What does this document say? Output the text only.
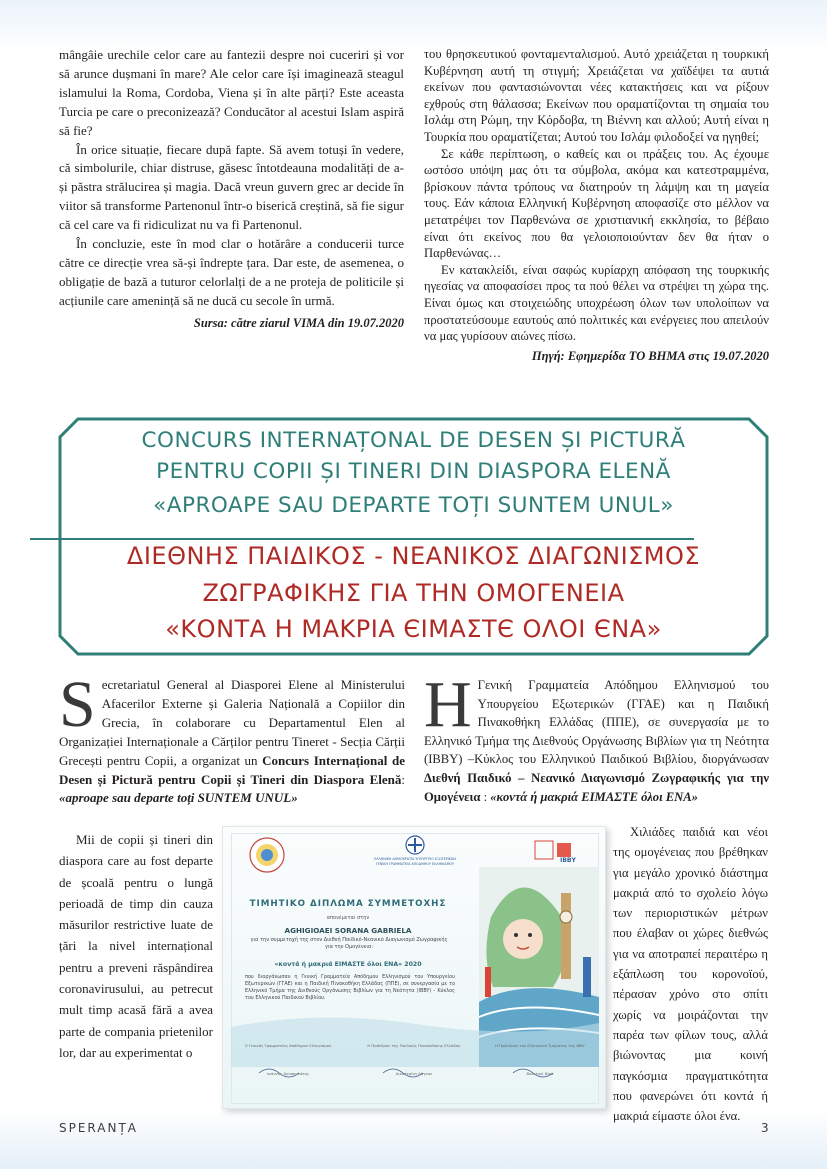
mângâie urechile celor care au fantezii despre noi cuceriri și vor să arunce dușmani în mare? Ale celor care își imaginează steagul islamului la Roma, Cordoba, Viena și în alte părți? Este aceasta Turcia pe care o preconizează? Conducător al acestui Islam aspiră să fie?

În orice situație, fiecare după fapte. Să avem totuși în vedere, că simbolurile, chiar distruse, găsesc întotdeauna modalități de a-și păstra strălucirea și magia. Dacă vreun guvern grec ar decide în viitor să transforme Partenonul într-o biserică creștină, să fie sigur că cel care va fi ridiculizat nu va fi Partenonul.

În concluzie, este în mod clar o hotărâre a conducerii turce către ce direcție vrea să-și îndrepte țara. Dar este, de asemenea, o obligație de bază a tuturor celorlalți de a ne proteja de politicile și acțiunile care amenință să ne ducă cu secole în urmă.

Sursa: către ziarul VIMA din 19.07.2020

του θρησκευτικού φονταμενταλισμού. Αυτό χρειάζεται η τουρκική Κυβέρνηση αυτή τη στιγμή; Χρειάζεται να χαϊδέψει τα αυτιά εκείνων που φαντασιώνονται νέες κατακτήσεις και να ρίξουν εχθρούς στη θάλασσα; Εκείνων που οραματίζονται τη σημαία του Ισλάμ στη Ρώμη, την Κόρδοβα, τη Βιέννη και αλλού; Αυτή είναι η Τουρκία που οραματίζεται; Αυτού του Ισλάμ φιλοδοξεί να ηγηθεί;

Σε κάθε περίπτωση, ο καθείς και οι πράξεις του. Ας έχουμε ωστόσο υπόψη μας ότι τα σύμβολα, ακόμα και κατεστραμμένα, βρίσκουν πάντα τρόπους να διατηρούν τη λάμψη και τη μαγεία τους. Εάν κάποια Ελληνική Κυβέρνηση αποφασίζε στο μέλλον να μετατρέψει τον Παρθενώνα σε χριστιανική εκκλησία, το βέβαιο είναι ότι εκείνος που θα γελοιοποιούνταν δεν θα ήταν ο Παρθενώνας…

Εν κατακλείδι, είναι σαφώς κυρίαρχη απόφαση της τουρκικής ηγεσίας να αποφασίσει προς τα πού θέλει να στρέψει τη χώρα της. Είναι όμως και στοιχειώδης υποχρέωση όλων των υπολοίπων να προστατεύσουμε εαυτούς από πολιτικές και ενέργειες που απειλούν να μας γυρίσουν αιώνες πίσω.

Πηγή: Εφημερίδα ΤΟ ΒΗΜΑ στις 19.07.2020
CONCURS INTERNAȚONAL DE DESEN ȘI PICTURĂ
PENTRU COPII ȘI TINERI DIN DIASPORA ELENĂ
«APROAPE SAU DEPARTE TOȚI SUNTEM UNUL»
ΔΙΕΘΝΗΣ ΠΑΙΔΙΚΟΣ - ΝΕΑΝΙΚΟΣ ΔΙΑΓΩΝΙΣΜΟΣ
ΖΩΓΡΑΦΙΚΗΣ ΓΙΑ ΤΗΝ ΟΜΟΓΕΝΕΙΑ
«ΚΟΝΤΑ Η ΜΑΚΡΙΑ ЄΙΜΑΣΤЄ ΟΛΟΙ ЄΝΑ»
Secretariatul General al Diasporei Elene al Ministerului Afacerilor Externe și Galeria Națională a Copiilor din Grecia, în colaborare cu Departamentul Elen al Organizației Internaționale a Cărților pentru Tineret - Secția Cărții Grecești pentru Copii, a organizat un Concurs Internațional de Desen și Pictură pentru Copii și Tineri din Diaspora Elenă: «aproape sau departe toți SUNTEM UNUL»

Mii de copii și tineri din diaspora care au fost departe de școală pentru o lungă perioadă de timp din cauza măsurilor restrictive luate de țări la nivel internațional pentru a preveni răspândirea coronavirusului, au petrecut mult timp acasă fără a avea parte de compania prietenilor lor, dar au experimentat o

H Γενική Γραμματεία Απόδημου Ελληνισμού του Υπουργείου Εξωτερικών (ΓΓΑΕ) και η Παιδική Πινακοθήκη Ελλάδας (ΠΠΕ), σε συνεργασία με το Ελληνικό Τμήμα της Διεθνούς Οργάνωσης Βιβλίων για τη Νεότητα (IBBY) –Κύκλος του Ελληνικού Παιδικού Βιβλίου, διοργάνωσαν Διεθνή Παιδικό – Νεανικό Διαγωνισμό Ζωγραφικής για την Ομογένεια : «κοντά ή μακριά ΕΙΜΑΣΤΕ όλοι ΕΝΑ»

Χιλιάδες παιδιά και νέοι της ομογένειας που βρέθηκαν για μεγάλο χρονικό διάστημα μακριά από το σχολείο λόγω των περιοριστικών μέτρων που έλαβαν οι χώρες διεθνώς για να αποτραπεί περαιτέρω η εξάπλωση του κορονοϊού, πέρασαν χρόνο στο σπίτι χωρίς να μοιράζονται την παρέα των φίλων τους, αλλά βιώνοντας μια κοινή παγκόσμια πραγματικότητα που φανερώνει ότι κοντά ή μακριά είμαστε όλοι ένα.

ΕΛΛΗΝΙΚΗ ΔΗΜΟΚΡΑΤΙΑ ΥΠΟΥΡΓΕΙΟ ΕΞΩΤΕΡΙΚΩΝ ΓΕΝΙΚΗ ΓΡΑΜΜΑΤΕΙΑ ΑΠΟΔΗΜΟΥ ΕΛΛΗΝΙΣΜΟΥ	ΙΒΒΥ
ΤΙΜΗΤΙΚΟ ΔΙΠΛΩΜΑ ΣΥΜΜΕΤΟΧΗΣ
απονέμεται στην
AGHIGIOAEI SORANA GABRIELA
για την συμμετοχή της στον Διεθνή Παιδικό-Νεανικό Διαγωνισμό Ζωγραφικής για την Ομογένεια:
«κοντά ή μακριά ΕΙΜΑΣΤΕ όλοι ΕΝΑ» 2020
που διοργάνωσαν η Γενική Γραμματεία Απόδημου Ελληνισμού του Υπουργείου Εξωτερικών (ΓΓΑΕ) και η Παιδική Πινακοθήκη Ελλάδας (ΠΠΕ), σε συνεργασία με το Ελληνικό Τμήμα της Διεθνούς Οργάνωσης Βιβλίων για τη Νεότητα (IBBY) - Κύκλος του Ελληνικού Παιδικού Βιβλίου.
Ο Γενικός Γραμματέας Απόδημου Ελληνισμού	Η Πρόεδρος της Παιδικής Πινακοθήκης Ελλάδας	Η Πρόεδρος του Ελληνικού Τμήματος της IBBY
Ιωάννης Χρυσουλάκης	Αικατερίνη Λάγκου	Βασιλική Νίκα
SPERANȚA	3
